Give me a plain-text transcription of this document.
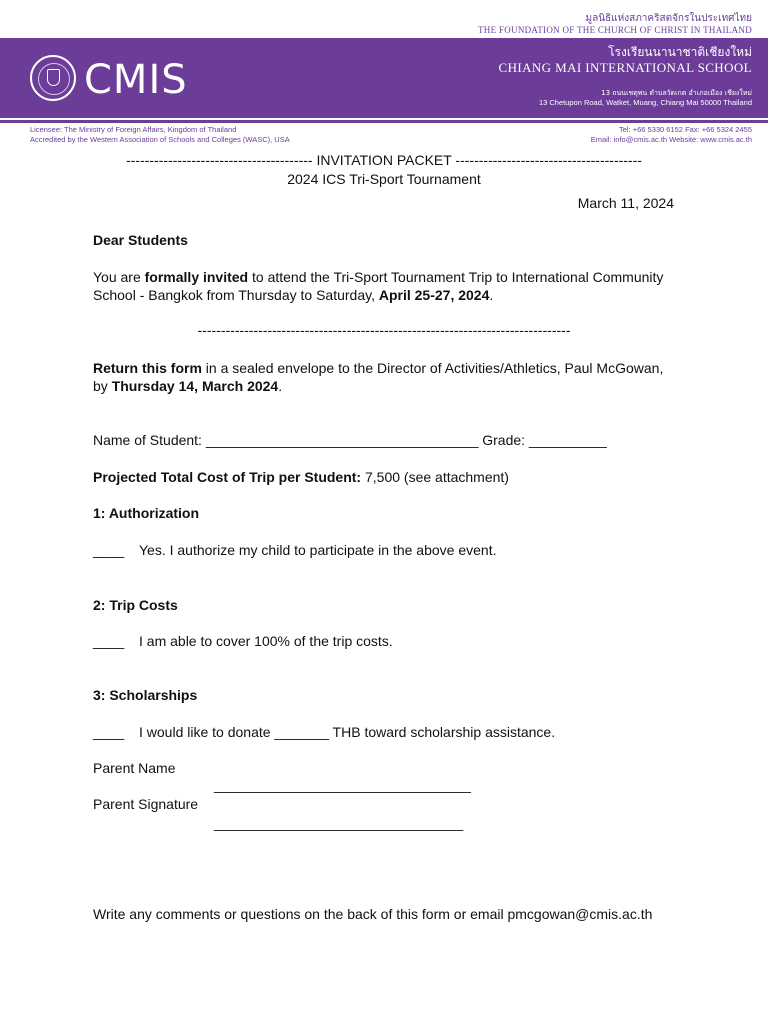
มูลนิธิแห่งสภาคริสตจักรในประเทศไทย
THE FOUNDATION OF THE CHURCH OF CHRIST IN THAILAND
CMIS
โรงเรียนนานาชาติเชียงใหม่
CHIANG MAI INTERNATIONAL SCHOOL
13 ถนนเชตุพน ตำบลวัดเกต อำเภอเมือง เชียงใหม่
13 Chetupon Road, Watket, Muang, Chiang Mai 50000 Thailand
Licensee: The Ministry of Foreign Affairs, Kingdom of Thailand
Accredited by the Western Association of Schools and Colleges (WASC), USA
Tel: +66 5330 6152 Fax: +66 5324 2455
Email: info@cmis.ac.th Website: www.cmis.ac.th
---------------------------------------- INVITATION PACKET ----------------------------------------
2024 ICS Tri-Sport Tournament
March 11, 2024
Dear Students
You are formally invited to attend the Tri-Sport Tournament Trip to International Community School - Bangkok from Thursday to Saturday, April 25-27, 2024.
--------------------------------------------------------------------------------
Return this form in a sealed envelope to the Director of Activities/Athletics, Paul McGowan, by Thursday 14, March 2024.
Name of Student: ___________________________________ Grade: __________
Projected Total Cost of Trip per Student: 7,500 (see attachment)
1: Authorization
____ Yes. I authorize my child to participate in the above event.
2: Trip Costs
____ I am able to cover 100% of the trip costs.
3: Scholarships
____ I would like to donate _______ THB toward scholarship assistance.
Parent Name
_________________________________
Parent Signature
________________________________
Write any comments or questions on the back of this form or email pmcgowan@cmis.ac.th
